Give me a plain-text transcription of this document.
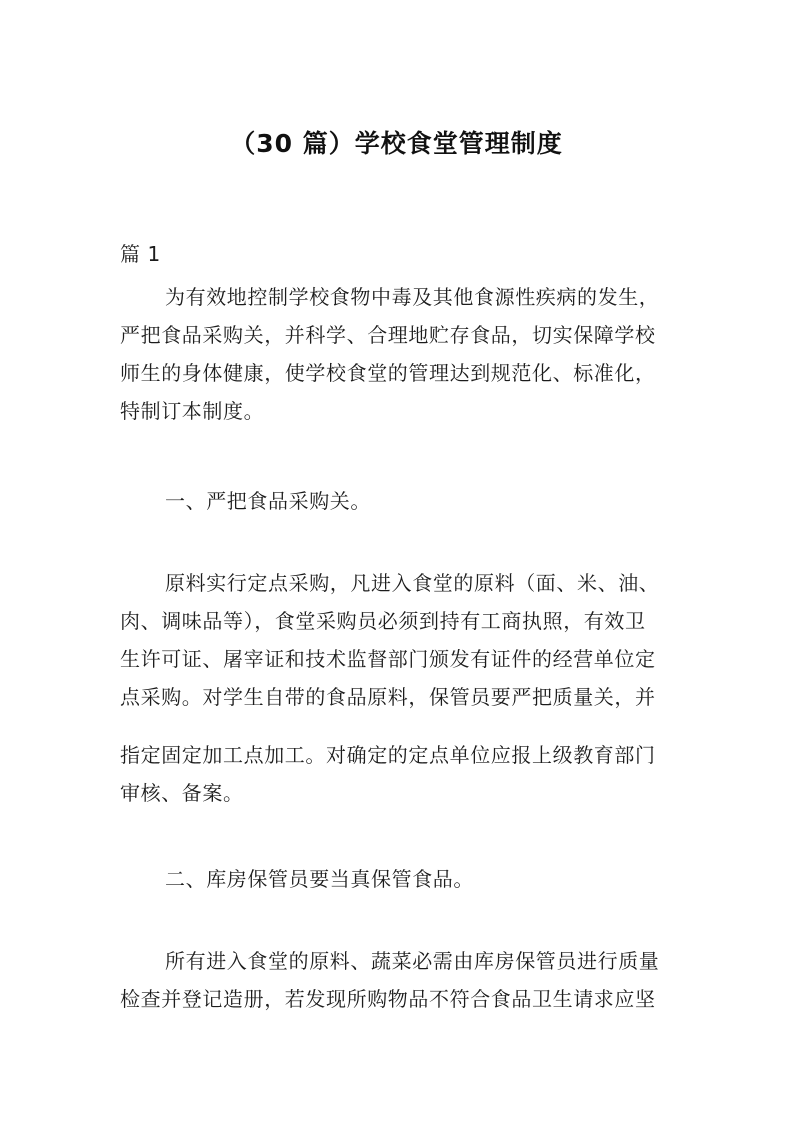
（30 篇）学校食堂管理制度
篇 1
为有效地控制学校食物中毒及其他食源性疾病的发生，
严把食品采购关，并科学、合理地贮存食品，切实保障学校
师生的身体健康，使学校食堂的管理达到规范化、标准化，
特制订本制度。
一、严把食品采购关。
原料实行定点采购，凡进入食堂的原料（面、米、油、
肉、调味品等），食堂采购员必须到持有工商执照，有效卫
生许可证、屠宰证和技术监督部门颁发有证件的经营单位定
点采购。对学生自带的食品原料，保管员要严把质量关，并
指定固定加工点加工。对确定的定点单位应报上级教育部门
审核、备案。
二、库房保管员要当真保管食品。
所有进入食堂的原料、蔬菜必需由库房保管员进行质量
检查并登记造册，若发现所购物品不符合食品卫生请求应坚
